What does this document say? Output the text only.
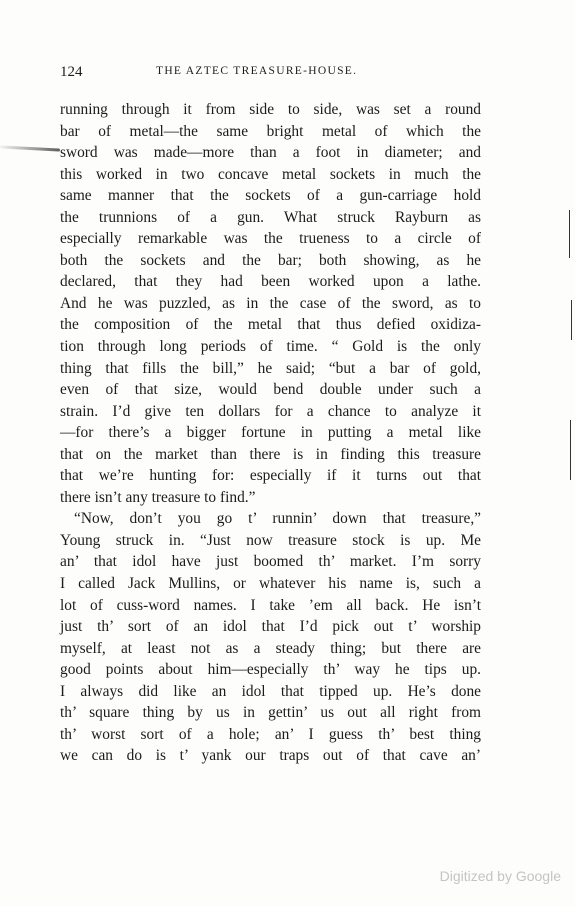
124	THE AZTEC TREASURE-HOUSE.
running through it from side to side, was set a round
bar of metal—the same bright metal of which the
sword was made—more than a foot in diameter; and
this worked in two concave metal sockets in much the
same manner that the sockets of a gun-carriage hold
the trunnions of a gun. What struck Rayburn as
especially remarkable was the trueness to a circle of
both the sockets and the bar; both showing, as he
declared, that they had been worked upon a lathe.
And he was puzzled, as in the case of the sword, as to
the composition of the metal that thus defied oxidiza-
tion through long periods of time. “ Gold is the only
thing that fills the bill,” he said; “but a bar of gold,
even of that size, would bend double under such a
strain. I’d give ten dollars for a chance to analyze it
—for there’s a bigger fortune in putting a metal like
that on the market than there is in finding this treasure
that we’re hunting for: especially if it turns out that
there isn’t any treasure to find.”
“Now, don’t you go t’ runnin’ down that treasure,”
Young struck in. “Just now treasure stock is up. Me
an’ that idol have just boomed th’ market. I’m sorry
I called Jack Mullins, or whatever his name is, such a
lot of cuss-word names. I take ’em all back. He isn’t
just th’ sort of an idol that I’d pick out t’ worship
myself, at least not as a steady thing; but there are
good points about him—especially th’ way he tips up.
I always did like an idol that tipped up. He’s done
th’ square thing by us in gettin’ us out all right from
th’ worst sort of a hole; an’ I guess th’ best thing
we can do is t’ yank our traps out of that cave an’
Digitized by Google
